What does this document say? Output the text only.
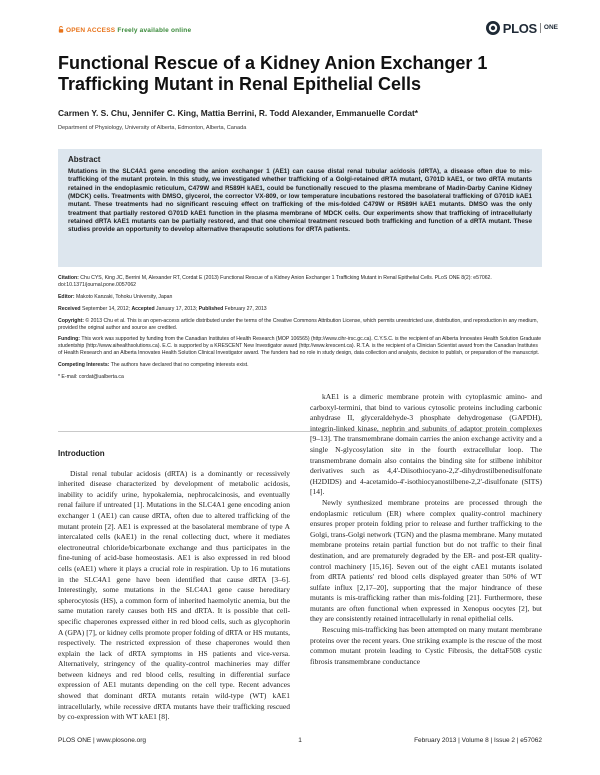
OPEN ACCESS Freely available online	PLOS	ONE
Functional Rescue of a Kidney Anion Exchanger 1 Trafficking Mutant in Renal Epithelial Cells
Carmen Y. S. Chu, Jennifer C. King, Mattia Berrini, R. Todd Alexander, Emmanuelle Cordat*
Department of Physiology, University of Alberta, Edmonton, Alberta, Canada
Abstract

Mutations in the SLC4A1 gene encoding the anion exchanger 1 (AE1) can cause distal renal tubular acidosis (dRTA), a disease often due to mis-trafficking of the mutant protein. In this study, we investigated whether trafficking of a Golgi-retained dRTA mutant, G701D kAE1, or two dRTA mutants retained in the endoplasmic reticulum, C479W and R589H kAE1, could be functionally rescued to the plasma membrane of Madin-Darby Canine Kidney (MDCK) cells. Treatments with DMSO, glycerol, the corrector VX-809, or low temperature incubations restored the basolateral trafficking of G701D kAE1 mutant. These treatments had no significant rescuing effect on trafficking of the mis-folded C479W or R589H kAE1 mutants. DMSO was the only treatment that partially restored G701D kAE1 function in the plasma membrane of MDCK cells. Our experiments show that trafficking of intracellularly retained dRTA kAE1 mutants can be partially restored, and that one chemical treatment rescued both trafficking and function of a dRTA mutant. These studies provide an opportunity to develop alternative therapeutic solutions for dRTA patients.

Citation: Chu CYS, King JC, Berrini M, Alexander RT, Cordat E (2013) Functional Rescue of a Kidney Anion Exchanger 1 Trafficking Mutant in Renal Epithelial Cells. PLoS ONE 8(2): e57062. doi:10.1371/journal.pone.0057062

Editor: Makoto Kanzaki, Tohoku University, Japan

Received September 14, 2012; Accepted January 17, 2013; Published February 27, 2013

Copyright: © 2013 Chu et al. This is an open-access article distributed under the terms of the Creative Commons Attribution License, which permits unrestricted use, distribution, and reproduction in any medium, provided the original author and source are credited.

Funding: This work was supported by funding from the Canadian Institutes of Health Research (MOP 106565) (http://www.cihr-irsc.gc.ca). C.Y.S.C. is the recipient of an Alberta Innovates Health Solution Graduate studentship (http://www.aihealthsolutions.ca). E.C. is supported by a KRESCENT New Investigator award (http://www.krescent.ca). R.T.A. is the recipient of a Clinician Scientist award from the Canadian Institutes of Health Research and an Alberta Innovates Health Solution Clinical Investigator award. The funders had no role in study design, data collection and analysis, decision to publish, or preparation of the manuscript.

Competing Interests: The authors have declared that no competing interests exist.

* E-mail: cordat@ualberta.ca

Introduction

Distal renal tubular acidosis (dRTA) is a dominantly or recessively inherited disease characterized by development of metabolic acidosis, inability to acidify urine, hypokalemia, nephrocalcinosis, and eventually renal failure if untreated [1]. Mutations in the SLC4A1 gene encoding anion exchanger 1 (AE1) can cause dRTA, often due to altered trafficking of the mutant protein [2]. AE1 is expressed at the basolateral membrane of type A intercalated cells (kAE1) in the renal collecting duct, where it mediates electroneutral chloride/bicarbonate exchange and thus participates in the fine-tuning of acid-base homeostasis. AE1 is also expressed in red blood cells (eAE1) where it plays a crucial role in respiration. Up to 16 mutations in the SLC4A1 gene have been identified that cause dRTA [3–6]. Interestingly, some mutations in the SLC4A1 gene cause hereditary spherocytosis (HS), a common form of inherited haemolytic anemia, but the same mutation rarely causes both HS and dRTA. It is possible that cell-specific chaperones expressed either in red blood cells, such as glycophorin A (GPA) [7], or kidney cells promote proper folding of dRTA or HS mutants, respectively. The restricted expression of these chaperones would then explain the lack of dRTA symptoms in HS patients and vice-versa. Alternatively, stringency of the quality-control machineries may differ between kidneys and red blood cells, resulting in differential surface expression of AE1 mutants depending on the cell type. Recent advances showed that dominant dRTA mutants retain wild-type (WT) kAE1 intracellularly, while recessive dRTA mutants have their trafficking rescued by co-expression with WT kAE1 [8].

kAE1 is a dimeric membrane protein with cytoplasmic amino- and carboxyl-termini, that bind to various cytosolic proteins including carbonic anhydrase II, glyceraldehyde-3 phosphate dehydrogenase (GAPDH), integrin-linked kinase, nephrin and subunits of adaptor protein complexes [9–13]. The transmembrane domain carries the anion exchange activity and a single N-glycosylation site in the fourth extracellular loop. The transmembrane domain also contains the binding site for stilbene inhibitor derivatives such as 4,4'-Diisothiocyano-2,2'-dihydrostilbenedisulfonate (H2DIDS) and 4-acetamido-4'-isothiocyanostilbene-2,2'-disulfonate (SITS) [14].

Newly synthesized membrane proteins are processed through the endoplasmic reticulum (ER) where complex quality-control machinery ensures proper protein folding prior to release and further trafficking to the Golgi, trans-Golgi network (TGN) and the plasma membrane. Many mutated membrane proteins retain partial function but do not traffic to their final destination, and are prematurely degraded by the ER- and post-ER quality-control machinery [15,16]. Seven out of the eight cAE1 mutants isolated from dRTA patients' red blood cells displayed greater than 50% of WT sulfate influx [2,17–20], supporting that the major hindrance of these mutants is mis-trafficking rather than mis-folding [21]. Furthermore, these mutants are often functional when expressed in Xenopus oocytes [2], but they are consistently retained intracellularly in renal epithelial cells.

Rescuing mis-trafficking has been attempted on many mutant membrane proteins over the recent years. One striking example is the rescue of the most common mutant protein leading to Cystic Fibrosis, the deltaF508 cystic fibrosis transmembrane conductance

PLOS ONE | www.plosone.org	1	February 2013 | Volume 8 | Issue 2 | e57062
